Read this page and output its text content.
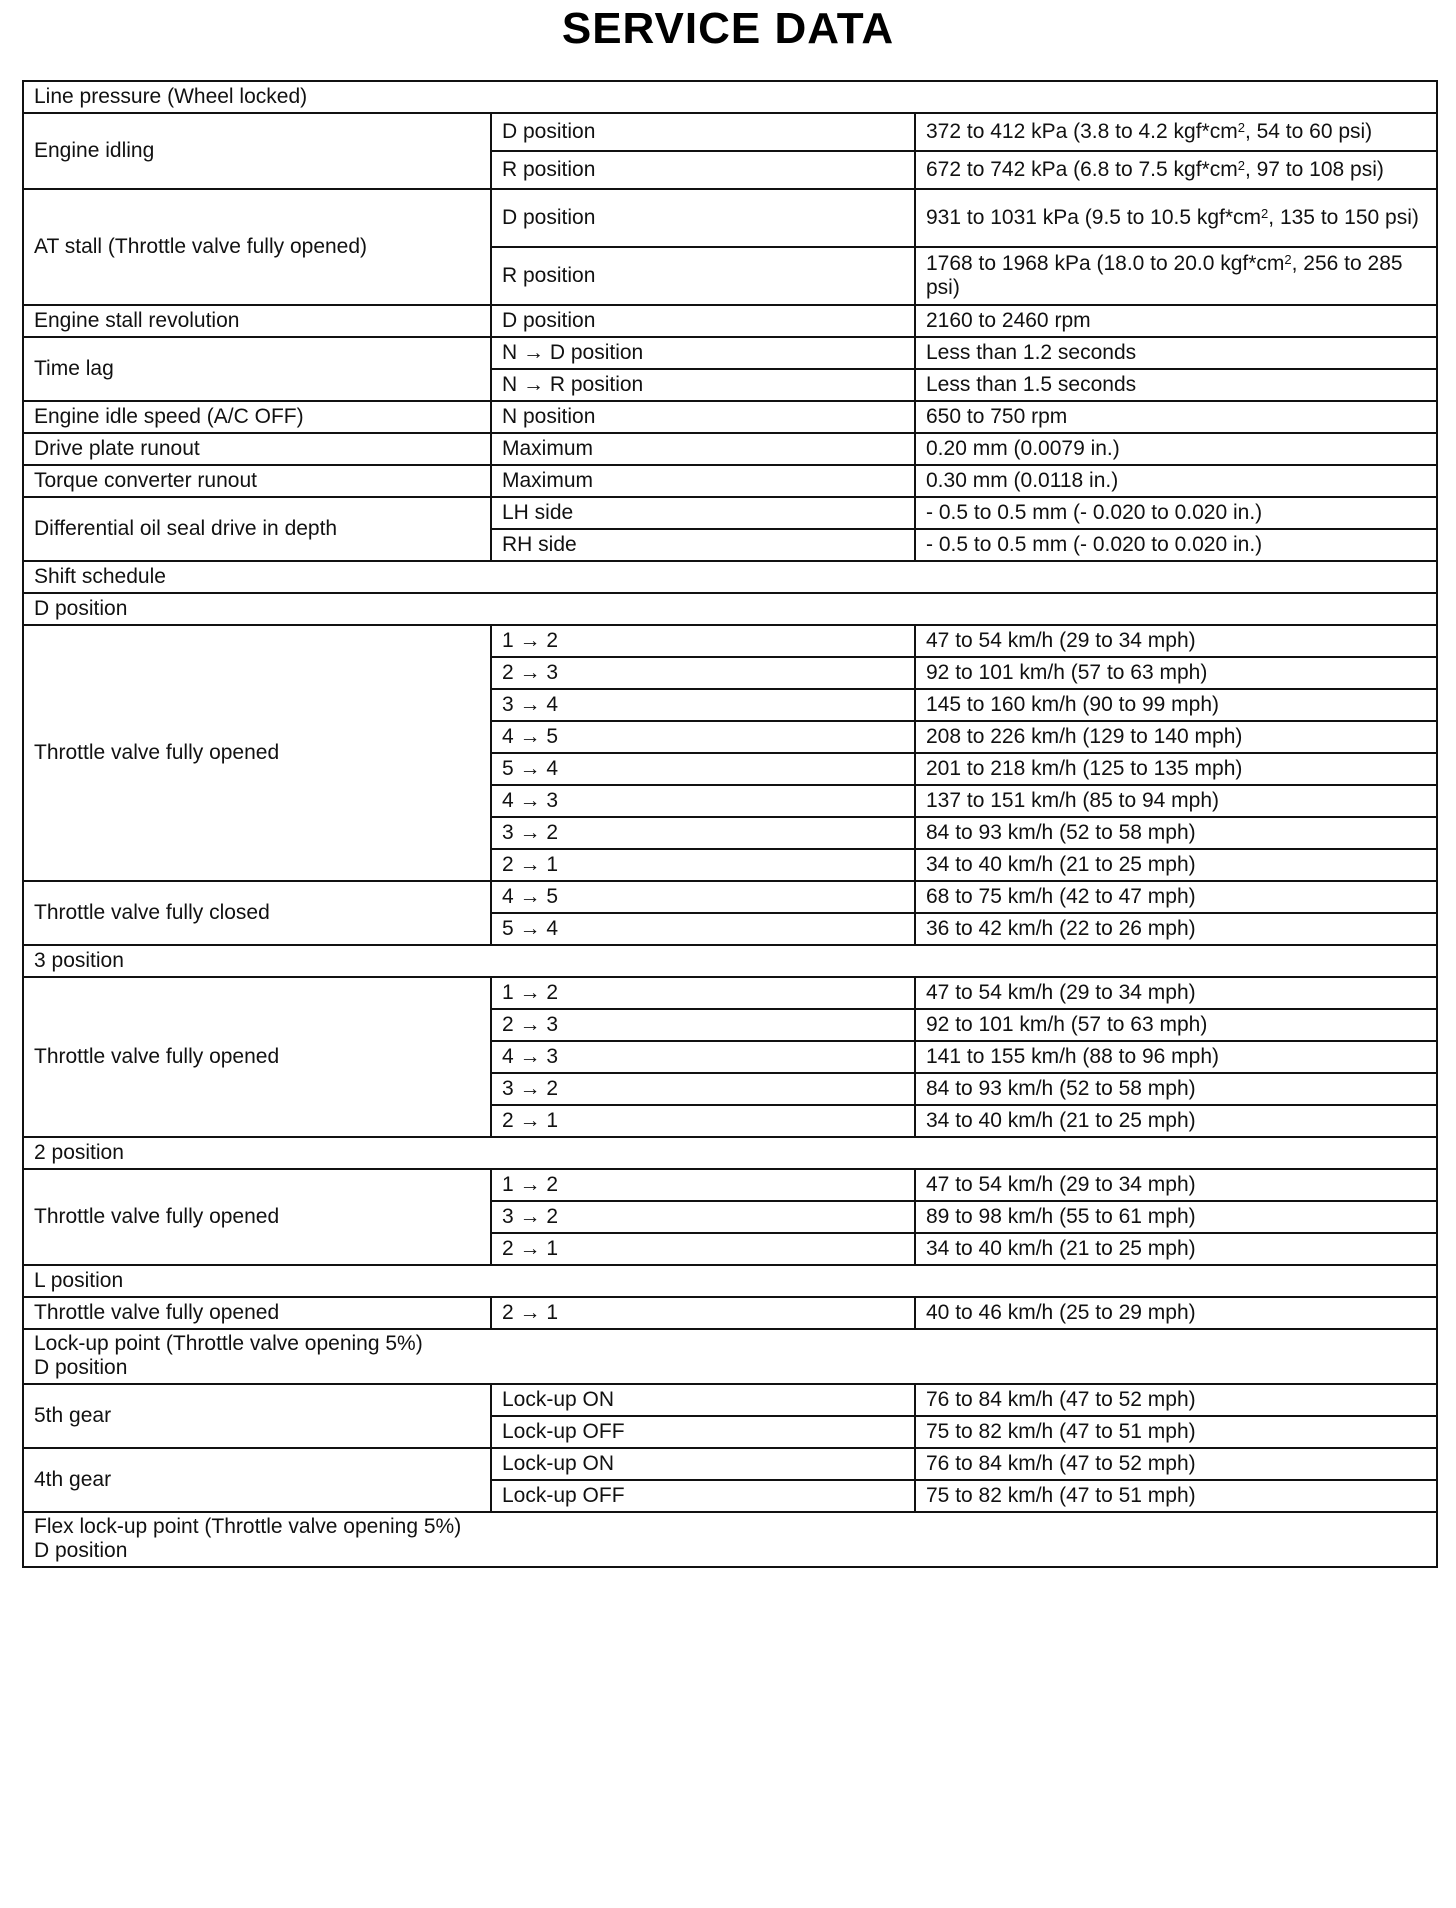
SERVICE DATA
Line pressure (Wheel locked)		
Engine idling	D position	372 to 412 kPa (3.8 to 4.2 $kgf*cm^2$, 54 to 60 psi)
	R position	672 to 742 kPa (6.8 to 7.5 $kgf*cm^2$, 97 to 108 psi)
AT stall (Throttle valve fully opened)	D position	931 to 1031 kPa (9.5 to 10.5 $kgf*cm^2$, 135 to 150 psi)
	R position	1768 to 1968 kPa (18.0 to 20.0 $kgf*cm^2$, 256 to 285 psi)
Engine stall revolution	D position	2160 to 2460 rpm
Time lag	N → D position	Less than 1.2 seconds
	N → R position	Less than 1.5 seconds
Engine idle speed (A/C OFF)	N position	650 to 750 rpm
Drive plate runout	Maximum	0.20 mm (0.0079 in.)
Torque converter runout	Maximum	0.30 mm (0.0118 in.)
Differential oil seal drive in depth	LH side	- 0.5 to 0.5 mm (- 0.020 to 0.020 in.)
	RH side	- 0.5 to 0.5 mm (- 0.020 to 0.020 in.)
Shift schedule		
D position		
Throttle valve fully opened	1 → 2	47 to 54 km/h (29 to 34 mph)
	2 → 3	92 to 101 km/h (57 to 63 mph)
	3 → 4	145 to 160 km/h (90 to 99 mph)
	4 → 5	208 to 226 km/h (129 to 140 mph)
	5 → 4	201 to 218 km/h (125 to 135 mph)
	4 → 3	137 to 151 km/h (85 to 94 mph)
	3 → 2	84 to 93 km/h (52 to 58 mph)
	2 → 1	34 to 40 km/h (21 to 25 mph)
Throttle valve fully closed	4 → 5	68 to 75 km/h (42 to 47 mph)
	5 → 4	36 to 42 km/h (22 to 26 mph)
3 position		
Throttle valve fully opened	1 → 2	47 to 54 km/h (29 to 34 mph)
	2 → 3	92 to 101 km/h (57 to 63 mph)
	4 → 3	141 to 155 km/h (88 to 96 mph)
	3 → 2	84 to 93 km/h (52 to 58 mph)
	2 → 1	34 to 40 km/h (21 to 25 mph)
2 position		
Throttle valve fully opened	1 → 2	47 to 54 km/h (29 to 34 mph)
	3 → 2	89 to 98 km/h (55 to 61 mph)
	2 → 1	34 to 40 km/h (21 to 25 mph)
L position		
Throttle valve fully opened	2 → 1	40 to 46 km/h (25 to 29 mph)

Lock-up point (Throttle valve opening 5%)
D position		

5th gear	Lock-up ON	76 to 84 km/h (47 to 52 mph)
	Lock-up OFF	75 to 82 km/h (47 to 51 mph)
4th gear	Lock-up ON	76 to 84 km/h (47 to 52 mph)
	Lock-up OFF	75 to 82 km/h (47 to 51 mph)

Flex lock-up point (Throttle valve opening 5%)
D position		
